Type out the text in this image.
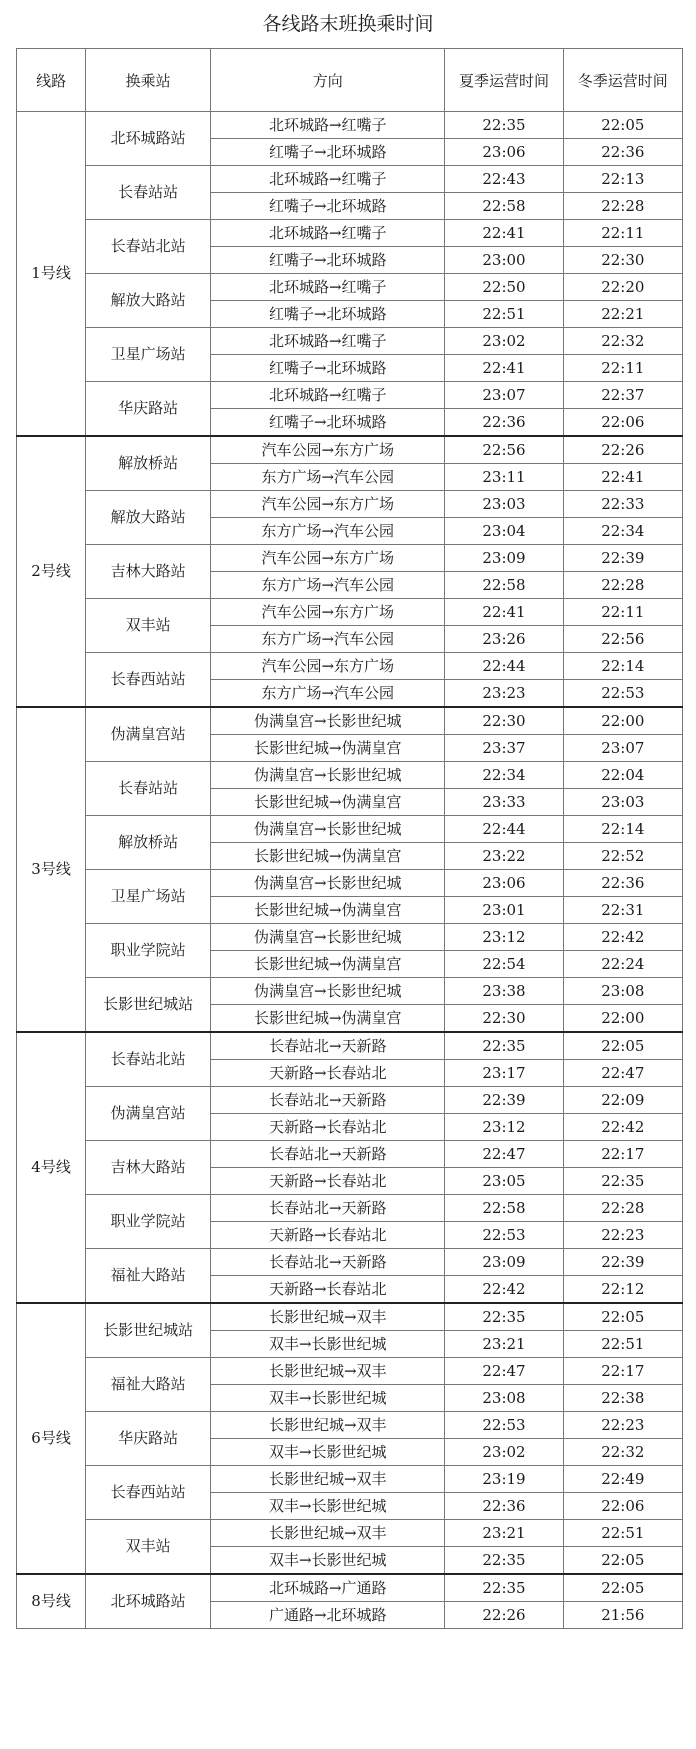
各线路末班换乘时间
线路	换乘站	方向	夏季运营时间	冬季运营时间
1号线	北环城路站	北环城路→红嘴子	22:35	22:05
		红嘴子→北环城路	23:06	22:36
	长春站站	北环城路→红嘴子	22:43	22:13
		红嘴子→北环城路	22:58	22:28
	长春站北站	北环城路→红嘴子	22:41	22:11
		红嘴子→北环城路	23:00	22:30
	解放大路站	北环城路→红嘴子	22:50	22:20
		红嘴子→北环城路	22:51	22:21
	卫星广场站	北环城路→红嘴子	23:02	22:32
		红嘴子→北环城路	22:41	22:11
	华庆路站	北环城路→红嘴子	23:07	22:37
		红嘴子→北环城路	22:36	22:06
2号线	解放桥站	汽车公园→东方广场	22:56	22:26
		东方广场→汽车公园	23:11	22:41
	解放大路站	汽车公园→东方广场	23:03	22:33
		东方广场→汽车公园	23:04	22:34
	吉林大路站	汽车公园→东方广场	23:09	22:39
		东方广场→汽车公园	22:58	22:28
	双丰站	汽车公园→东方广场	22:41	22:11
		东方广场→汽车公园	23:26	22:56
	长春西站站	汽车公园→东方广场	22:44	22:14
		东方广场→汽车公园	23:23	22:53
3号线	伪满皇宫站	伪满皇宫→长影世纪城	22:30	22:00
		长影世纪城→伪满皇宫	23:37	23:07
	长春站站	伪满皇宫→长影世纪城	22:34	22:04
		长影世纪城→伪满皇宫	23:33	23:03
	解放桥站	伪满皇宫→长影世纪城	22:44	22:14
		长影世纪城→伪满皇宫	23:22	22:52
	卫星广场站	伪满皇宫→长影世纪城	23:06	22:36
		长影世纪城→伪满皇宫	23:01	22:31
	职业学院站	伪满皇宫→长影世纪城	23:12	22:42
		长影世纪城→伪满皇宫	22:54	22:24
	长影世纪城站	伪满皇宫→长影世纪城	23:38	23:08
		长影世纪城→伪满皇宫	22:30	22:00
4号线	长春站北站	长春站北→天新路	22:35	22:05
		天新路→长春站北	23:17	22:47
	伪满皇宫站	长春站北→天新路	22:39	22:09
		天新路→长春站北	23:12	22:42
	吉林大路站	长春站北→天新路	22:47	22:17
		天新路→长春站北	23:05	22:35
	职业学院站	长春站北→天新路	22:58	22:28
		天新路→长春站北	22:53	22:23
	福祉大路站	长春站北→天新路	23:09	22:39
		天新路→长春站北	22:42	22:12
6号线	长影世纪城站	长影世纪城→双丰	22:35	22:05
		双丰→长影世纪城	23:21	22:51
	福祉大路站	长影世纪城→双丰	22:47	22:17
		双丰→长影世纪城	23:08	22:38
	华庆路站	长影世纪城→双丰	22:53	22:23
		双丰→长影世纪城	23:02	22:32
	长春西站站	长影世纪城→双丰	23:19	22:49
		双丰→长影世纪城	22:36	22:06
	双丰站	长影世纪城→双丰	23:21	22:51
		双丰→长影世纪城	22:35	22:05
8号线	北环城路站	北环城路→广通路	22:35	22:05
		广通路→北环城路	22:26	21:56
